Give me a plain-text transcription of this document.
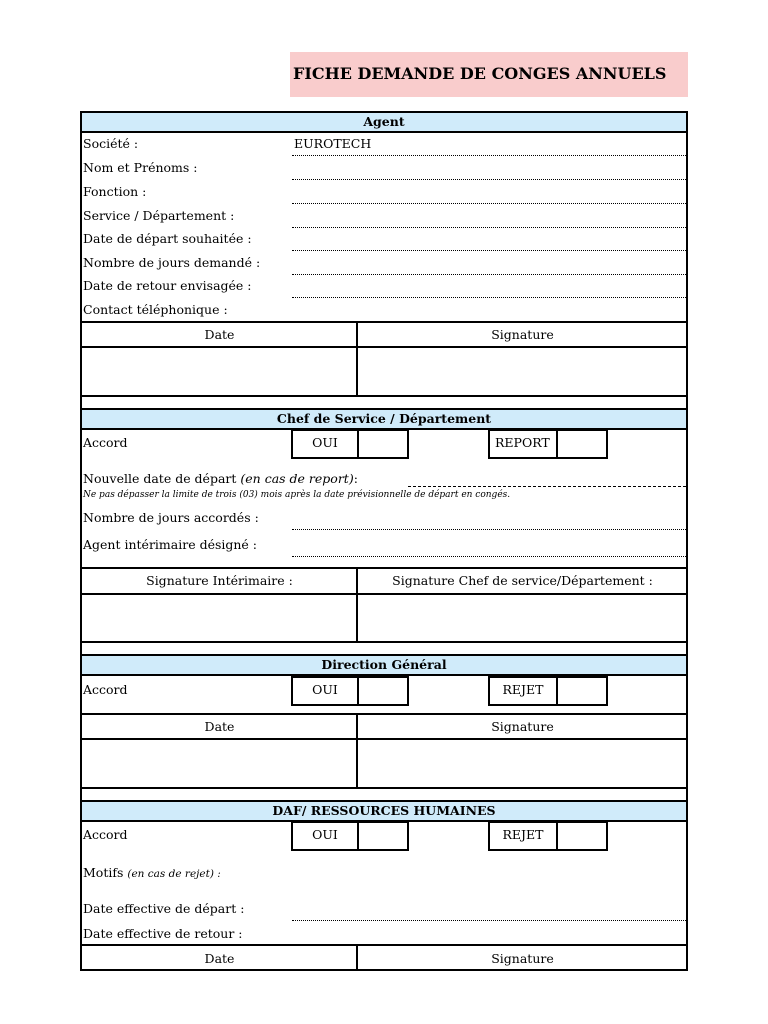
FICHE DEMANDE DE CONGES ANNUELS
Agent
Société :	EUROTECH
Nom et Prénoms :
Fonction :
Service / Département :
Date de départ souhaitée :
Nombre de jours demandé :
Date de retour envisagée :
Contact téléphonique :
Date	Signature
Chef de Service / Département
Accord	OUI	REPORT
Nouvelle date de départ (en cas de report):
Ne pas dépasser la limite de trois (03) mois après la date prévisionnelle de départ en congés.
Nombre de jours accordés :
Agent intérimaire désigné :
Signature Intérimaire :	Signature Chef de service/Département :
Direction Général
Accord	OUI	REJET
Date	Signature
DAF/ RESSOURCES HUMAINES
Accord	OUI	REJET
Motifs (en cas de rejet) :
Date effective de départ :
Date effective de retour :
Date	Signature
